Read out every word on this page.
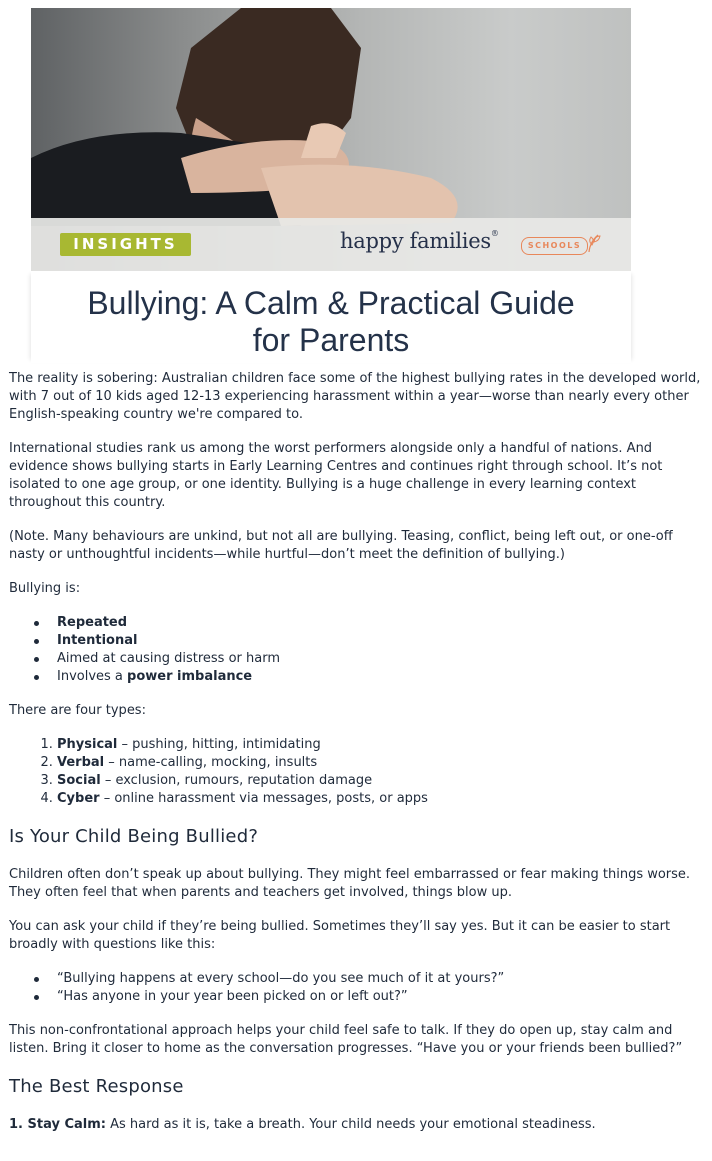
INSIGHTS	happy families®
SCHOOLS
Bullying: A Calm & Practical Guide
for Parents

The reality is sobering: Australian children face some of the highest bullying rates in the developed world, with 7 out of 10 kids aged 12-13 experiencing harassment within a year—worse than nearly every other English-speaking country we're compared to.

International studies rank us among the worst performers alongside only a handful of nations. And evidence shows bullying starts in Early Learning Centres and continues right through school. It’s not isolated to one age group, or one identity. Bullying is a huge challenge in every learning context throughout this country.

(Note. Many behaviours are unkind, but not all are bullying. Teasing, conflict, being left out, or one-off nasty or unthoughtful incidents—while hurtful—don’t meet the definition of bullying.)

Bullying is:

Repeated
Intentional
Aimed at causing distress or harm
Involves a power imbalance

There are four types:

1. Physical – pushing, hitting, intimidating
2. Verbal – name-calling, mocking, insults
3. Social – exclusion, rumours, reputation damage
4. Cyber – online harassment via messages, posts, or apps
Is Your Child Being Bullied?

Children often don’t speak up about bullying. They might feel embarrassed or fear making things worse. They often feel that when parents and teachers get involved, things blow up.

You can ask your child if they’re being bullied. Sometimes they’ll say yes. But it can be easier to start broadly with questions like this:

“Bullying happens at every school—do you see much of it at yours?”
“Has anyone in your year been picked on or left out?”

This non-confrontational approach helps your child feel safe to talk. If they do open up, stay calm and listen. Bring it closer to home as the conversation progresses. “Have you or your friends been bullied?”

The Best Response

1. Stay Calm: As hard as it is, take a breath. Your child needs your emotional steadiness.
